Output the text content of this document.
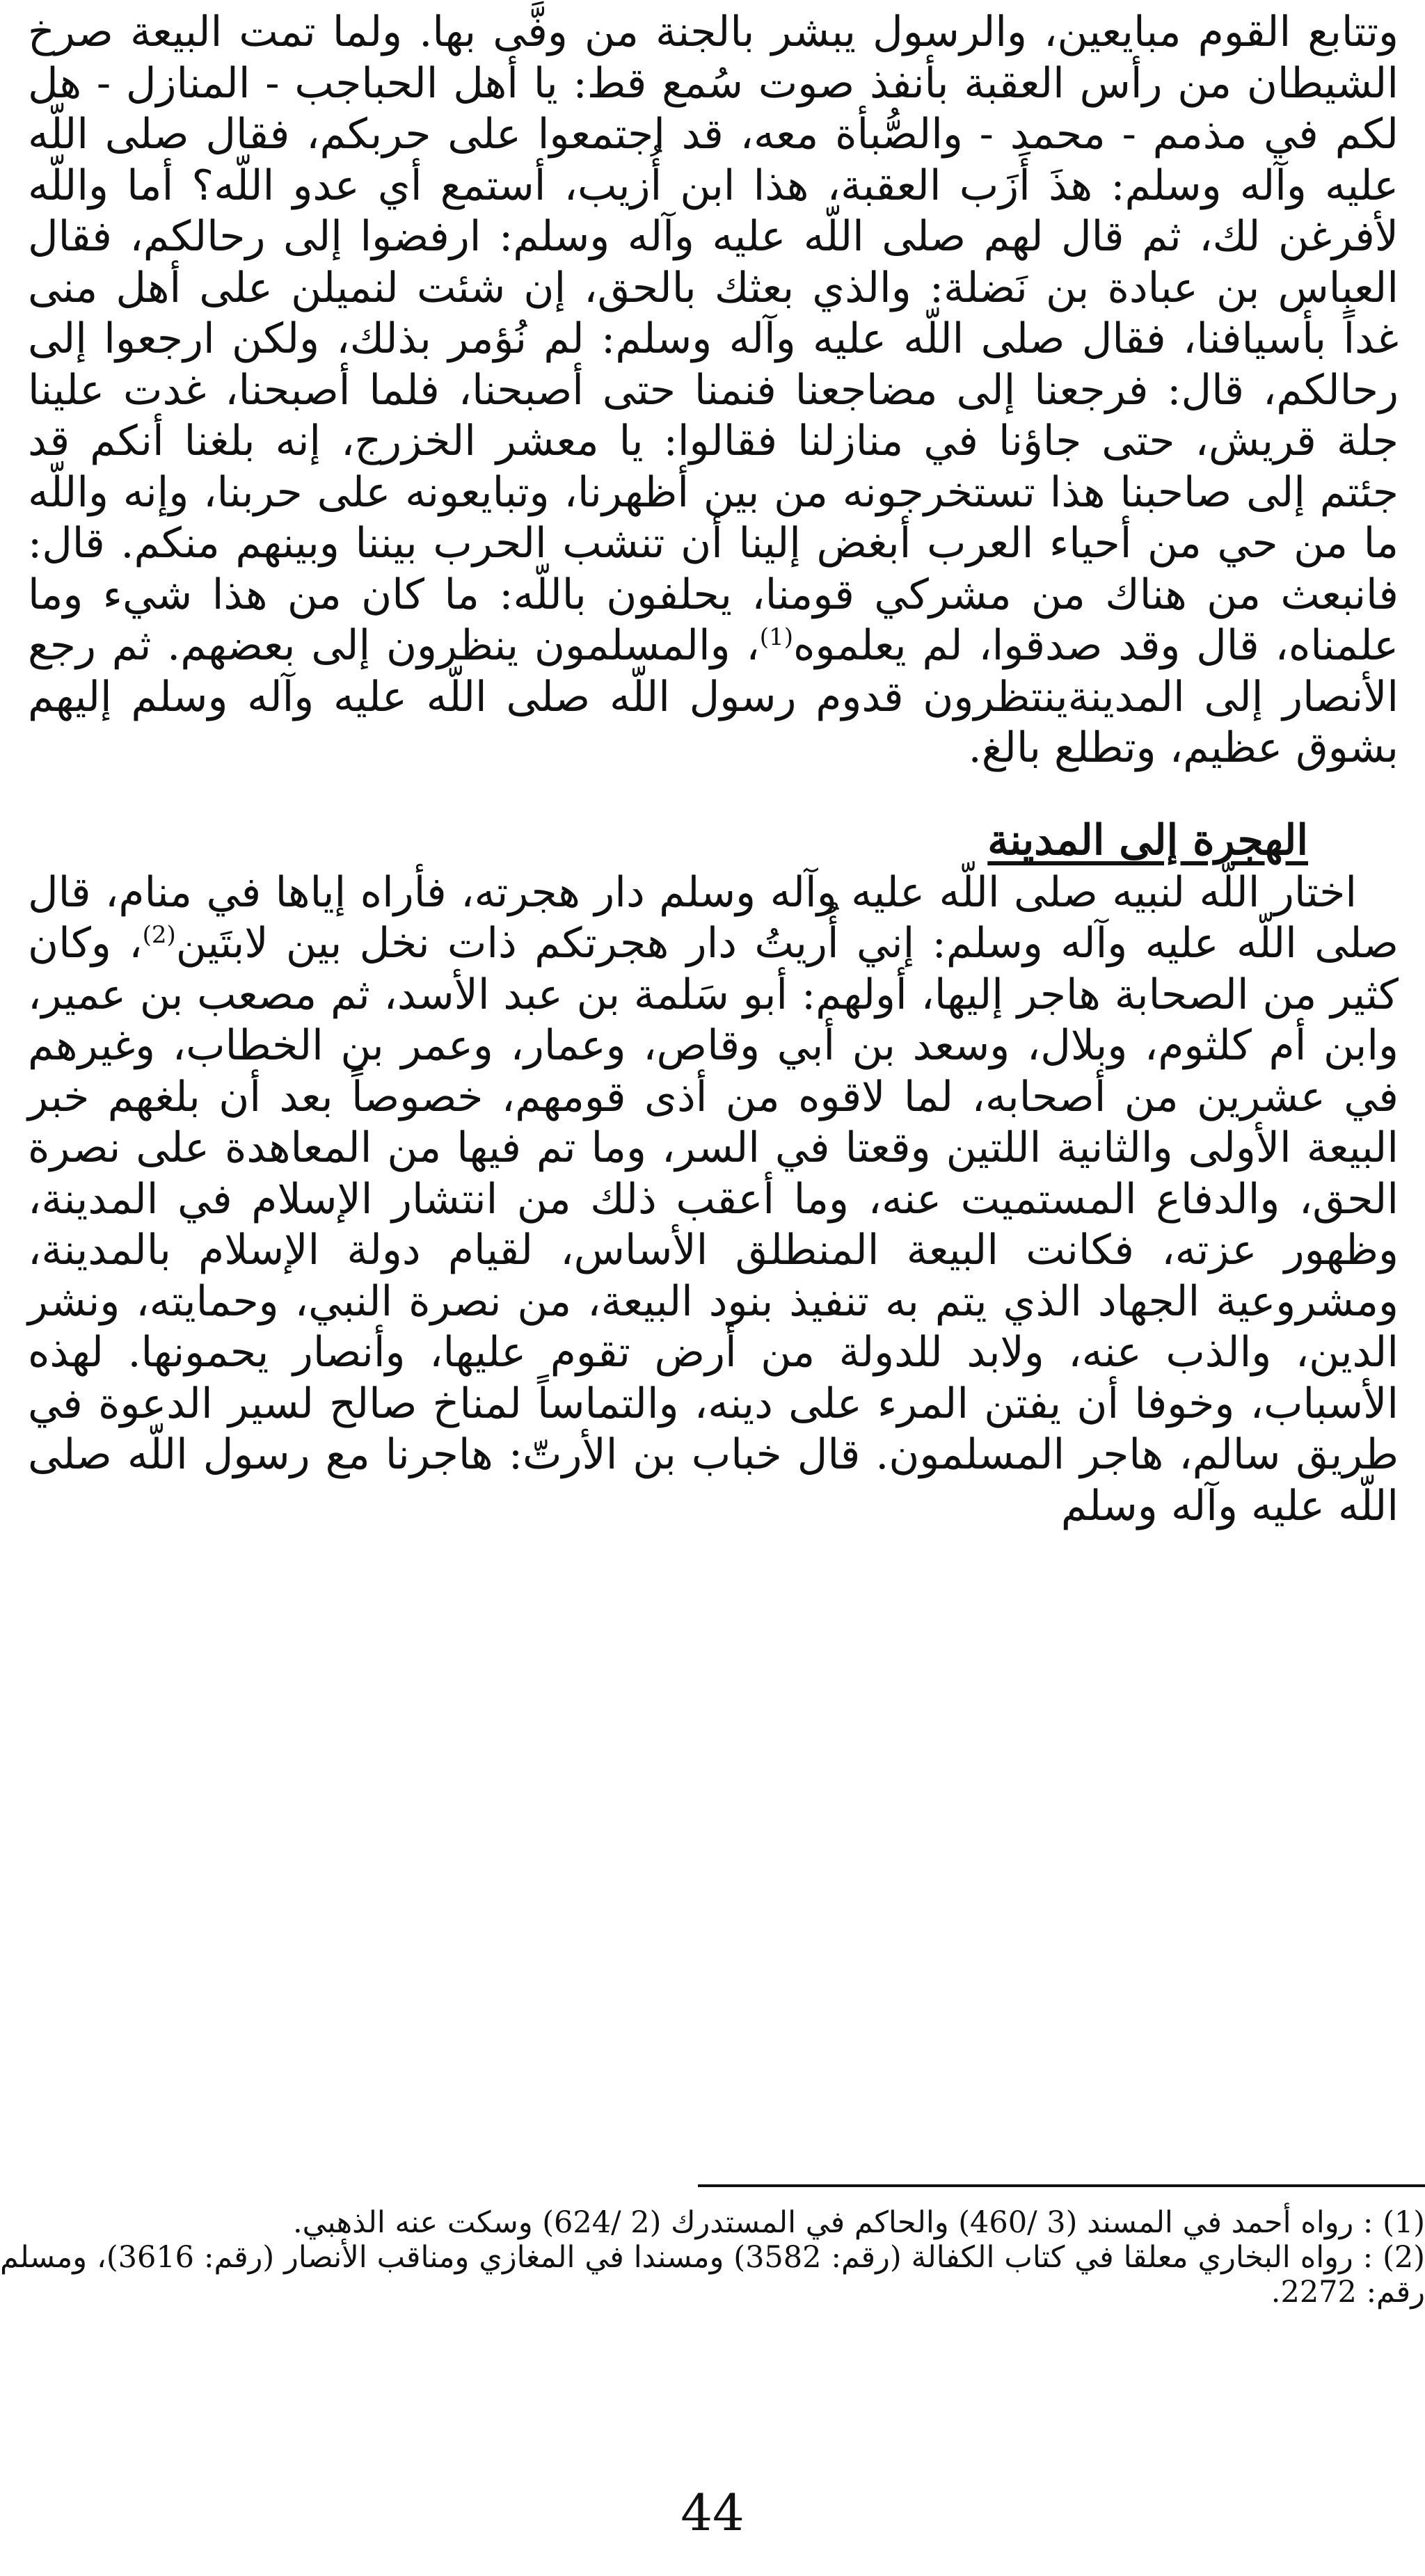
وتتابع القوم مبايعين، والرسول يبشر بالجنة من وفَّى بها. ولما تمت البيعة صرخ الشيطان من رأس العقبة بأنفذ صوت سُمع قط: يا أهل الحباجب - المنازل - هل لكم في مذمم - محمد - والصُّبأة معه، قد اجتمعوا على حربكم، فقال صلى اللّه عليه وآله وسلم: هذَ أَزَب العقبة، هذا ابن أُزيب، أستمع أي عدو اللّه؟ أما واللّه لأفرغن لك، ثم قال لهم صلى اللّه عليه وآله وسلم: ارفضوا إلى رحالكم، فقال العباس بن عبادة بن نَضلة: والذي بعثك بالحق، إن شئت لنميلن على أهل منى غداً بأسيافنا، فقال صلى اللّه عليه وآله وسلم: لم نُؤمر بذلك، ولكن ارجعوا إلى رحالكم، قال: فرجعنا إلى مضاجعنا فنمنا حتى أصبحنا، فلما أصبحنا، غدت علينا جلة قريش، حتى جاؤنا في منازلنا فقالوا: يا معشر الخزرج، إنه بلغنا أنكم قد جئتم إلى صاحبنا هذا تستخرجونه من بين أظهرنا، وتبايعونه على حربنا، وإنه واللّه ما من حي من أحياء العرب أبغض إلينا أن تنشب الحرب بيننا وبينهم منكم. قال: فانبعث من هناك من مشركي قومنا، يحلفون باللّه: ما كان من هذا شيء وما علمناه، قال وقد صدقوا، لم يعلموه$^{(1)}$، والمسلمون ينظرون إلى بعضهم. ثم رجع الأنصار إلى المدينةينتظرون قدوم رسول اللّه صلى اللّه عليه وآله وسلم إليهم بشوق عظيم، وتطلع بالغ.

الهجرة إلى المدينة

اختار اللّه لنبيه صلى اللّه عليه وآله وسلم دار هجرته، فأراه إياها في منام، قال صلى اللّه عليه وآله وسلم: إني أُريتُ دار هجرتكم ذات نخل بين لابتَين$^{(2)}$، وكان كثير من الصحابة هاجر إليها، أولهم: أبو سَلمة بن عبد الأسد، ثم مصعب بن عمير، وابن أم كلثوم، وبلال، وسعد بن أبي وقاص، وعمار، وعمر بن الخطاب، وغيرهم في عشرين من أصحابه، لما لاقوه من أذى قومهم، خصوصاً بعد أن بلغهم خبر البيعة الأولى والثانية اللتين وقعتا في السر، وما تم فيها من المعاهدة على نصرة الحق، والدفاع المستميت عنه، وما أعقب ذلك من انتشار الإسلام في المدينة، وظهور عزته، فكانت البيعة المنطلق الأساس، لقيام دولة الإسلام بالمدينة، ومشروعية الجهاد الذي يتم به تنفيذ بنود البيعة، من نصرة النبي، وحمايته، ونشر الدين، والذب عنه، ولابد للدولة من أرض تقوم عليها، وأنصار يحمونها. لهذه الأسباب، وخوفا أن يفتن المرء على دينه، والتماساً لمناخ صالح لسير الدعوة في طريق سالم، هاجر المسلمون. قال خباب بن الأرتّ: هاجرنا مع رسول اللّه صلى اللّه عليه وآله وسلم

(1) : رواه أحمد في المسند (3 /460) والحاكم في المستدرك (2 /624) وسكت عنه الذهبي.

(2) : رواه البخاري معلقا في كتاب الكفالة (رقم: 3582) ومسندا في المغازي ومناقب الأنصار (رقم: 3616)، ومسلم رقم: 2272.

44
